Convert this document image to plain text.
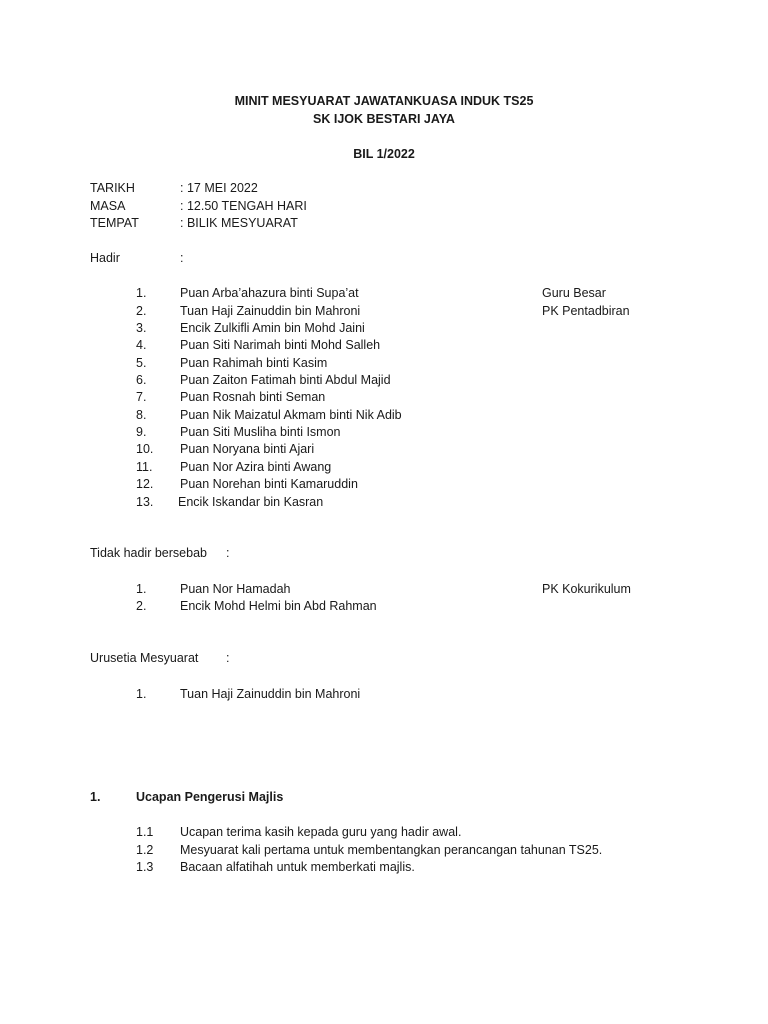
MINIT MESYUARAT JAWATANKUASA INDUK TS25
SK IJOK BESTARI JAYA
BIL 1/2022
TARIKH	: 17 MEI 2022
MASA	: 12.50 TENGAH HARI
TEMPAT	: BILIK MESYUARAT
Hadir	:
1.	Puan Arba’ahazura binti Supa’at	Guru Besar
2.	Tuan Haji Zainuddin bin Mahroni	PK Pentadbiran
3.	Encik Zulkifli Amin bin Mohd Jaini
4.	Puan Siti Narimah binti Mohd Salleh
5.	Puan Rahimah binti Kasim
6.	Puan Zaiton Fatimah binti Abdul Majid
7.	Puan Rosnah binti Seman
8.	Puan Nik Maizatul Akmam binti Nik Adib
9.	Puan Siti Musliha binti Ismon
10. Puan Noryana binti Ajari
11. Puan Nor Azira binti Awang
12. Puan Norehan binti Kamaruddin
13. Encik Iskandar bin Kasran
Tidak hadir bersebab :
1.	Puan Nor Hamadah	PK Kokurikulum
2.	Encik Mohd Helmi bin Abd Rahman
Urusetia Mesyuarat :
1.	Tuan Haji Zainuddin bin Mahroni
1.	Ucapan Pengerusi Majlis
1.1 Ucapan terima kasih kepada guru yang hadir awal.
1.2 Mesyuarat kali pertama untuk membentangkan perancangan tahunan TS25.
1.3 Bacaan alfatihah untuk memberkati majlis.
